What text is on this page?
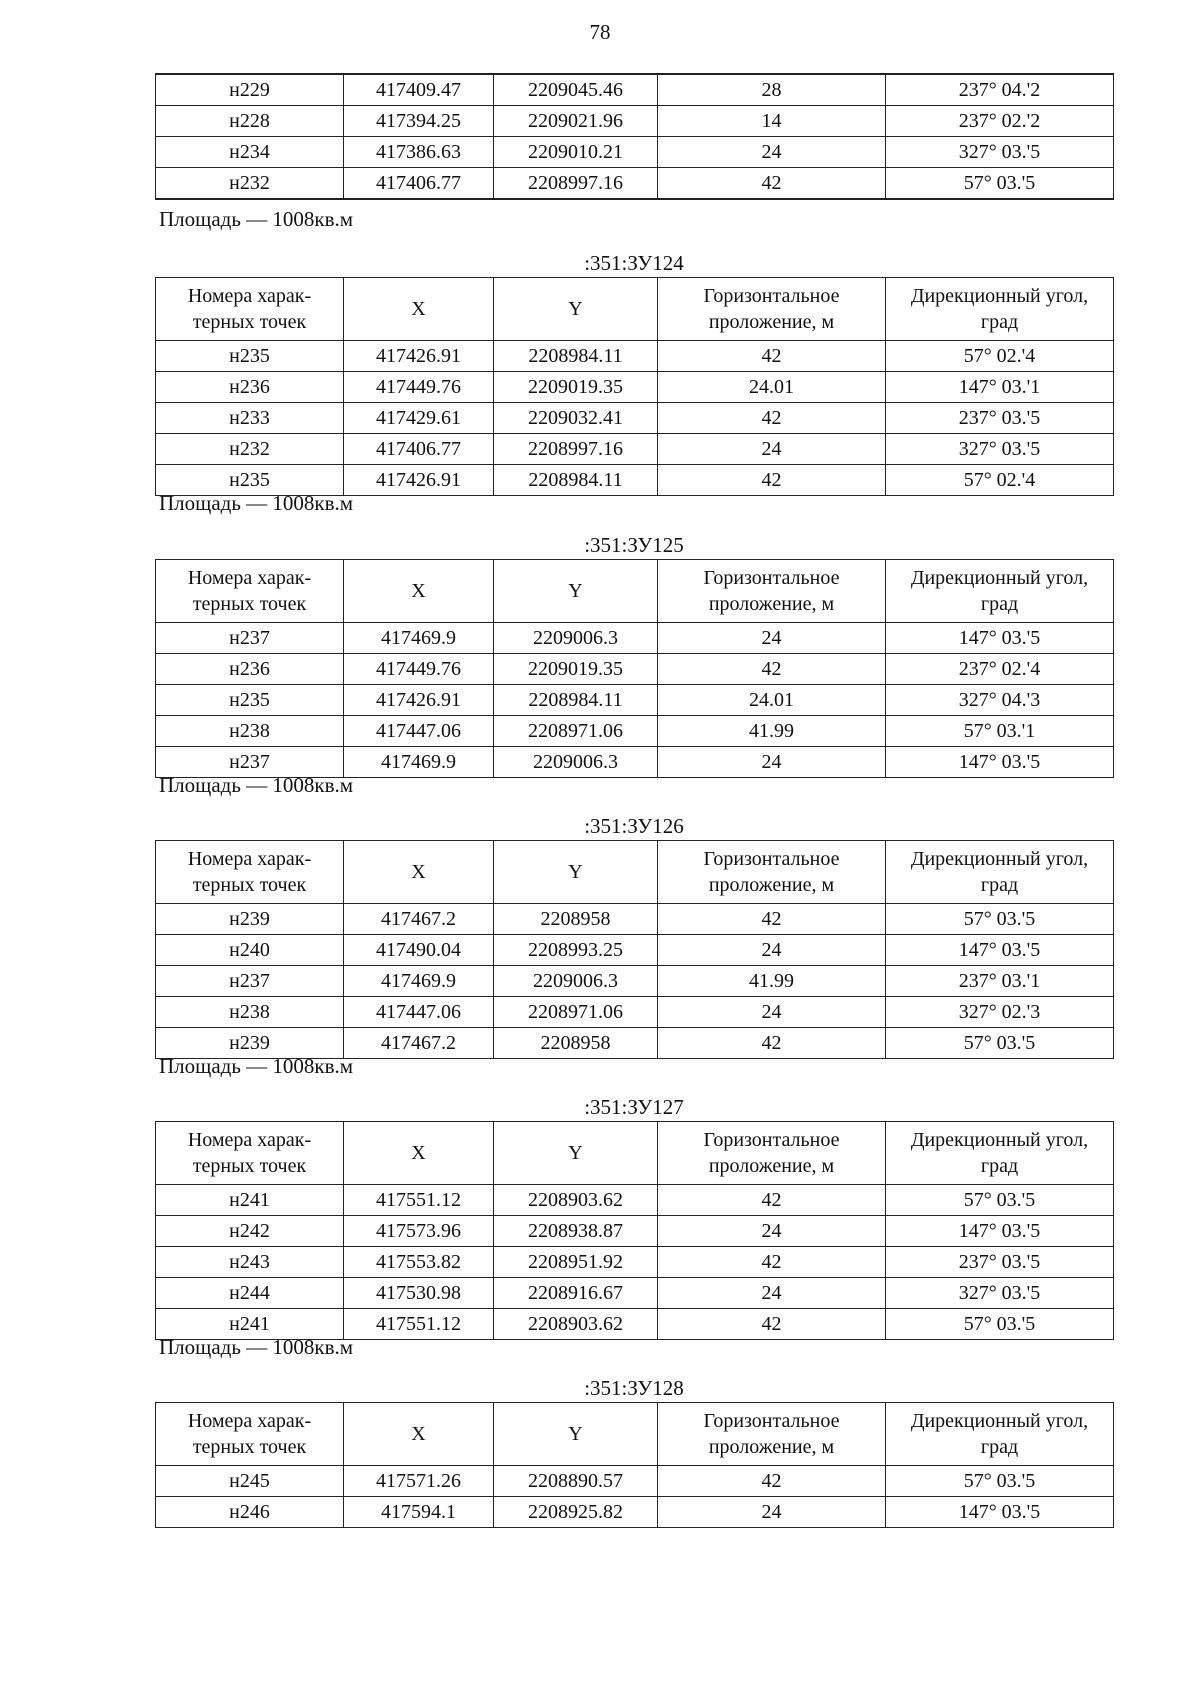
78
н229	417409.47	2209045.46	28	237° 04.'2
н228	417394.25	2209021.96	14	237° 02.'2
н234	417386.63	2209010.21	24	327° 03.'5
н232	417406.77	2208997.16	42	57° 03.'5
Площадь — 1008кв.м
:351:ЗУ124
Номера харак-терных точек	X	Y	Горизонтальное проложение, м	Дирекционный угол, град
н235	417426.91	2208984.11	42	57° 02.'4
н236	417449.76	2209019.35	24.01	147° 03.'1
н233	417429.61	2209032.41	42	237° 03.'5
н232	417406.77	2208997.16	24	327° 03.'5
н235	417426.91	2208984.11	42	57° 02.'4
Площадь — 1008кв.м
:351:ЗУ125
Номера харак-терных точек	X	Y	Горизонтальное проложение, м	Дирекционный угол, град
н237	417469.9	2209006.3	24	147° 03.'5
н236	417449.76	2209019.35	42	237° 02.'4
н235	417426.91	2208984.11	24.01	327° 04.'3
н238	417447.06	2208971.06	41.99	57° 03.'1
н237	417469.9	2209006.3	24	147° 03.'5
Площадь — 1008кв.м
:351:ЗУ126
Номера харак-терных точек	X	Y	Горизонтальное проложение, м	Дирекционный угол, град
н239	417467.2	2208958	42	57° 03.'5
н240	417490.04	2208993.25	24	147° 03.'5
н237	417469.9	2209006.3	41.99	237° 03.'1
н238	417447.06	2208971.06	24	327° 02.'3
н239	417467.2	2208958	42	57° 03.'5
Площадь — 1008кв.м
:351:ЗУ127
Номера харак-терных точек	X	Y	Горизонтальное проложение, м	Дирекционный угол, град
н241	417551.12	2208903.62	42	57° 03.'5
н242	417573.96	2208938.87	24	147° 03.'5
н243	417553.82	2208951.92	42	237° 03.'5
н244	417530.98	2208916.67	24	327° 03.'5
н241	417551.12	2208903.62	42	57° 03.'5
Площадь — 1008кв.м
:351:ЗУ128
Номера харак-терных точек	X	Y	Горизонтальное проложение, м	Дирекционный угол, град
н245	417571.26	2208890.57	42	57° 03.'5
н246	417594.1	2208925.82	24	147° 03.'5
